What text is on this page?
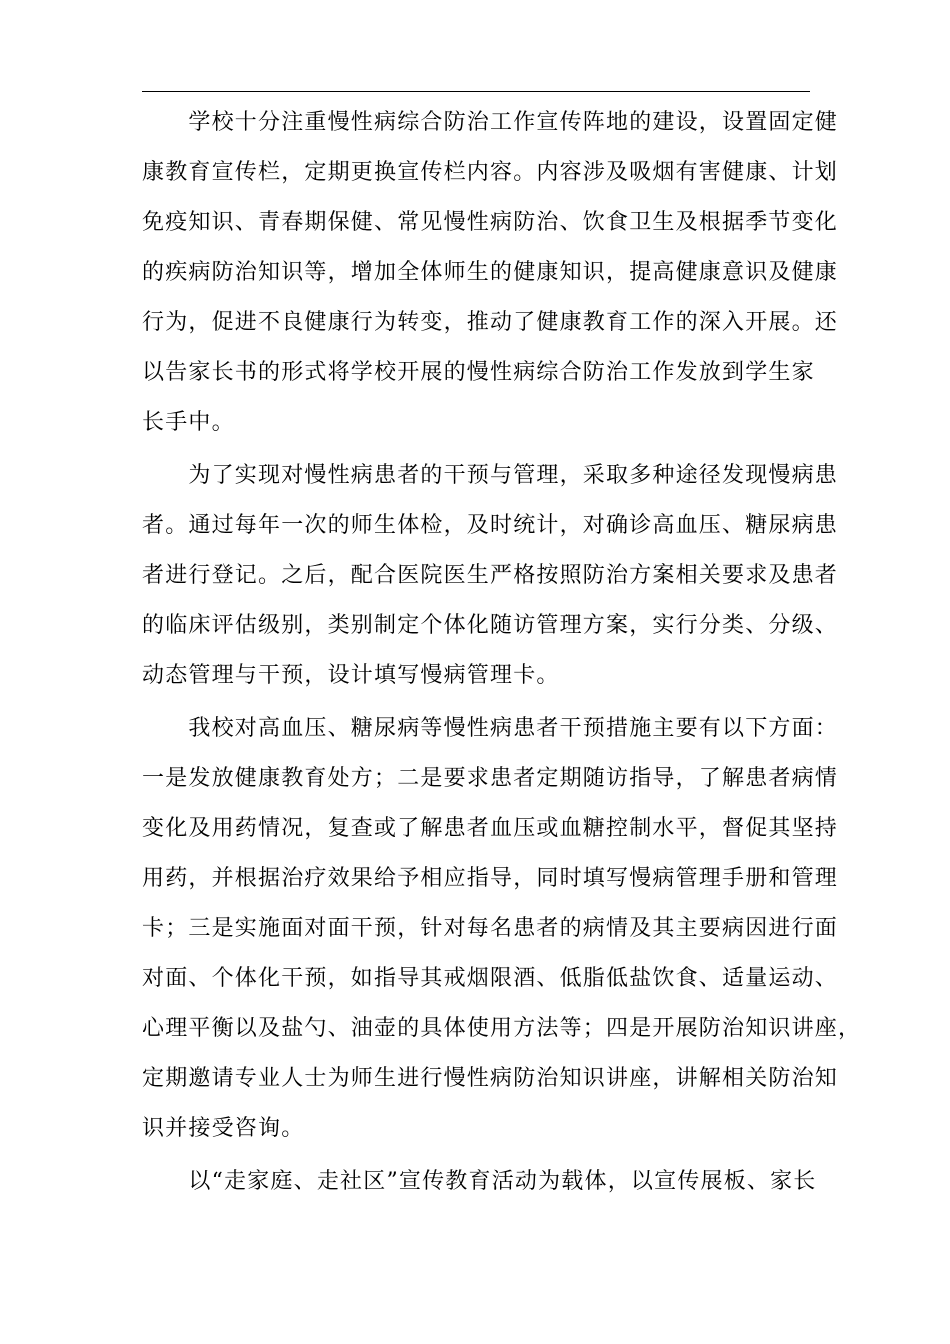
　　学校十分注重慢性病综合防治工作宣传阵地的建设，设置固定健
康教育宣传栏，定期更换宣传栏内容。内容涉及吸烟有害健康、计划
免疫知识、青春期保健、常见慢性病防治、饮食卫生及根据季节变化
的疾病防治知识等，增加全体师生的健康知识，提高健康意识及健康
行为，促进不良健康行为转变，推动了健康教育工作的深入开展。还
以告家长书的形式将学校开展的慢性病综合防治工作发放到学生家
长手中。
　　为了实现对慢性病患者的干预与管理，采取多种途径发现慢病患
者。通过每年一次的师生体检，及时统计，对确诊高血压、糖尿病患
者进行登记。之后，配合医院医生严格按照防治方案相关要求及患者
的临床评估级别，类别制定个体化随访管理方案，实行分类、分级、
动态管理与干预，设计填写慢病管理卡。
　　我校对高血压、糖尿病等慢性病患者干预措施主要有以下方面：
一是发放健康教育处方；二是要求患者定期随访指导，了解患者病情
变化及用药情况，复查或了解患者血压或血糖控制水平，督促其坚持
用药，并根据治疗效果给予相应指导，同时填写慢病管理手册和管理
卡；三是实施面对面干预，针对每名患者的病情及其主要病因进行面
对面、个体化干预，如指导其戒烟限酒、低脂低盐饮食、适量运动、
心理平衡以及盐勺、油壶的具体使用方法等；四是开展防治知识讲座，
定期邀请专业人士为师生进行慢性病防治知识讲座，讲解相关防治知
识并接受咨询。
　　以“走家庭、走社区”宣传教育活动为载体，以宣传展板、家长
